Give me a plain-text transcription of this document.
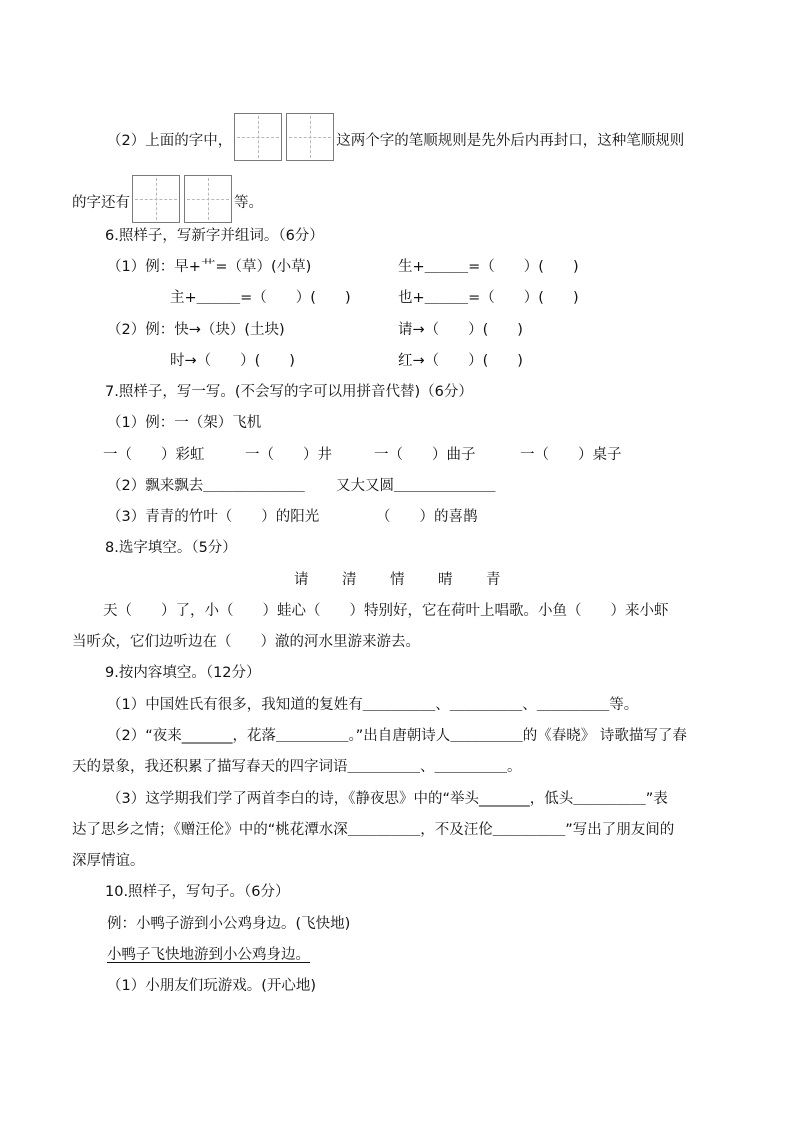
（2）上面的字中，	这两个字的笔顺规则是先外后内再封口，这种笔顺规则
的字还有	等。
6.照样子，写新字并组词。（6分）
（1）例：早+艹=（草）(小草)	生+＿＿＿=（　　）(　　)
主+＿＿＿=（　　）(　　)	也+＿＿＿=（　　）(　　)
（2）例：快→（块）(土块)	请→（　　）(　　)
时→（　　）(　　)	红→（　　）(　　)
7.照样子，写一写。(不会写的字可以用拼音代替)（6分）
（1）例：一（架）飞机
一（　　）彩虹	一（　　）井	一（　　）曲子	一（　　）桌子
（2）飘来飘去＿＿＿＿＿＿＿ 又大又圆＿＿＿＿＿＿＿
（3）青青的竹叶（　　）的阳光	（　　）的喜鹊
8.选字填空。（5分）
请 清 情 晴 青
天（　　）了，小（　　）蛙心（　　）特别好，它在荷叶上唱歌。小鱼（　　）来小虾
当听众，它们边听边在（　　）澈的河水里游来游去。
9.按内容填空。（12分）
（1）中国姓氏有很多，我知道的复姓有＿＿＿＿＿、＿＿＿＿＿、＿＿＿＿＿等。
（2）“夜来_______，花落＿＿＿＿＿。”出自唐朝诗人＿＿＿＿＿的《春晓》 诗歌描写了春
天的景象，我还积累了描写春天的四字词语＿＿＿＿＿、＿＿＿＿＿。
（3）这学期我们学了两首李白的诗，《静夜思》中的“举头_______，低头＿＿＿＿＿”表
达了思乡之情；《赠汪伦》中的“桃花潭水深＿＿＿＿＿，不及汪伦＿＿＿＿＿”写出了朋友间的
深厚情谊。
10.照样子，写句子。（6分）
例：小鸭子游到小公鸡身边。(飞快地)
小鸭子飞快地游到小公鸡身边。
（1）小朋友们玩游戏。(开心地)
